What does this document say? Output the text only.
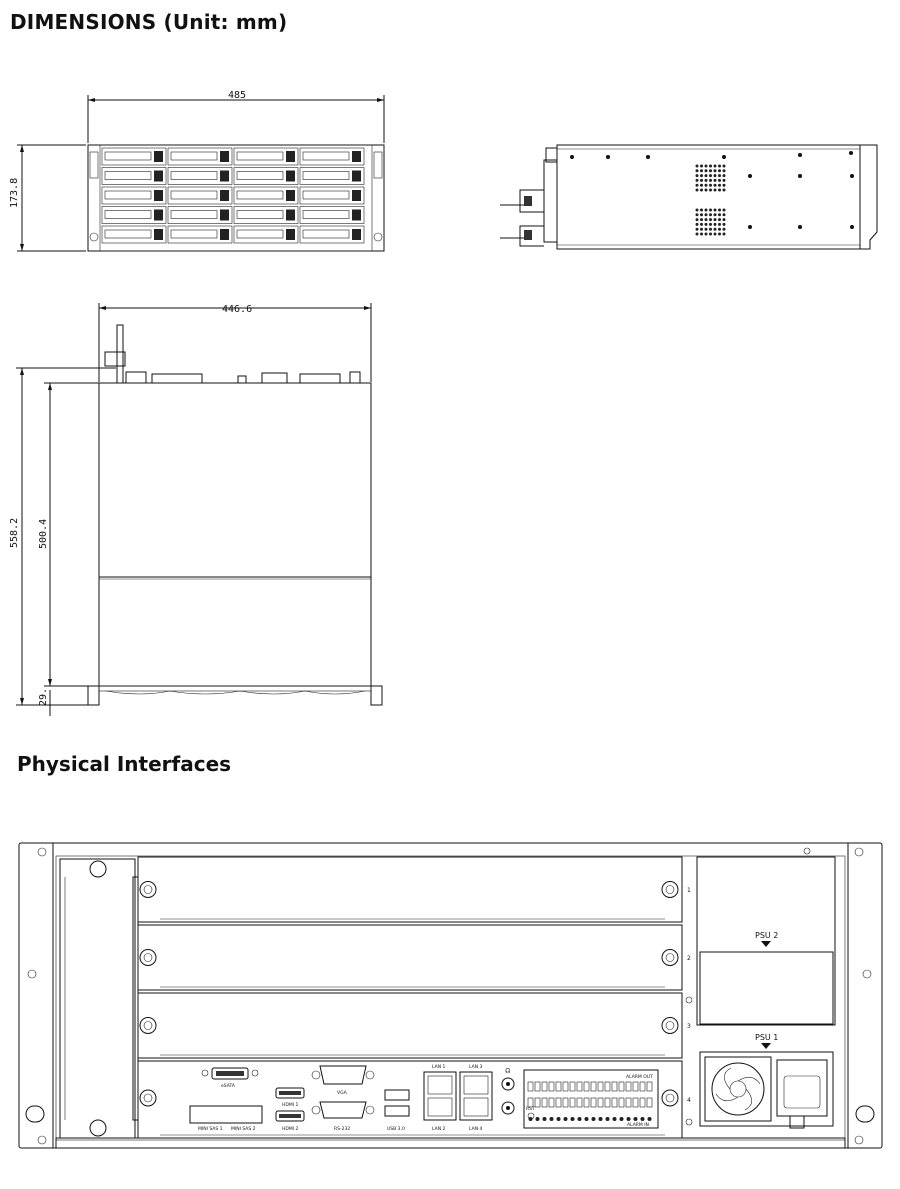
DIMENSIONS (Unit: mm)
Physical Interfaces
485
173.8
446.6
558.2 500.4
29.
1
2
3
4
PSU 2
PSU 1
eSATA
MINI SAS 1 MINI SAS 2
HDMI 1
HDMI 2
VGA
RS-232	USB 3.0
LAN 1	LAN 3
LAN 2	LAN 4
🎧
RST
ALARM OUT
ALARM IN
